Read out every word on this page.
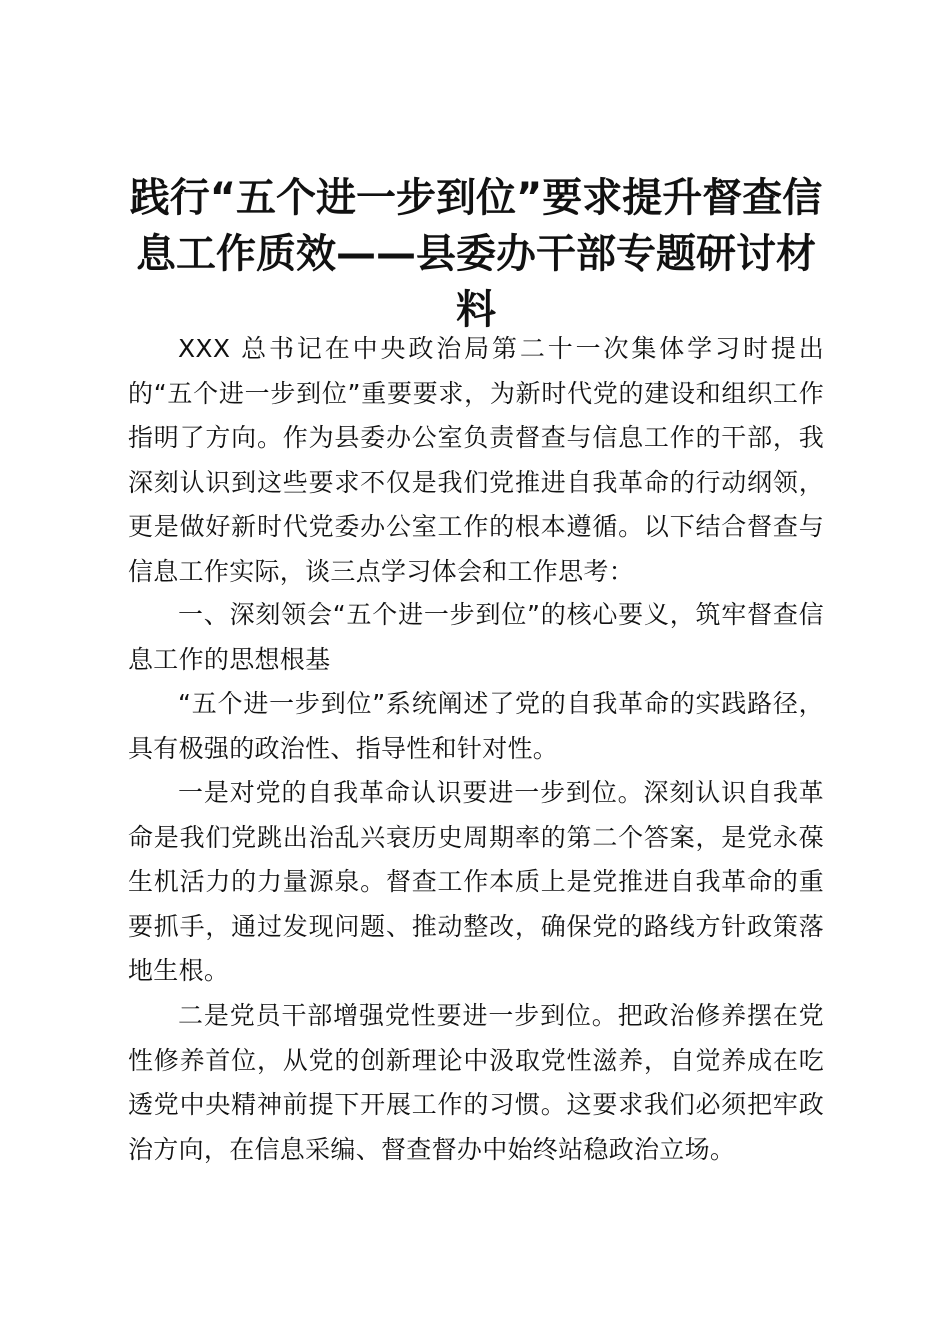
践行“五个进一步到位”要求提升督查信息工作质效——县委办干部专题研讨材料

XXX 总书记在中央政治局第二十一次集体学习时提出的“五个进一步到位”重要要求，为新时代党的建设和组织工作指明了方向。作为县委办公室负责督查与信息工作的干部，我深刻认识到这些要求不仅是我们党推进自我革命的行动纲领，更是做好新时代党委办公室工作的根本遵循。以下结合督查与信息工作实际，谈三点学习体会和工作思考：

一、深刻领会“五个进一步到位”的核心要义，筑牢督查信息工作的思想根基

“五个进一步到位”系统阐述了党的自我革命的实践路径，具有极强的政治性、指导性和针对性。

一是对党的自我革命认识要进一步到位。深刻认识自我革命是我们党跳出治乱兴衰历史周期率的第二个答案，是党永葆生机活力的力量源泉。督查工作本质上是党推进自我革命的重要抓手，通过发现问题、推动整改，确保党的路线方针政策落地生根。

二是党员干部增强党性要进一步到位。把政治修养摆在党性修养首位，从党的创新理论中汲取党性滋养，自觉养成在吃透党中央精神前提下开展工作的习惯。这要求我们必须把牢政治方向，在信息采编、督查督办中始终站稳政治立场。
